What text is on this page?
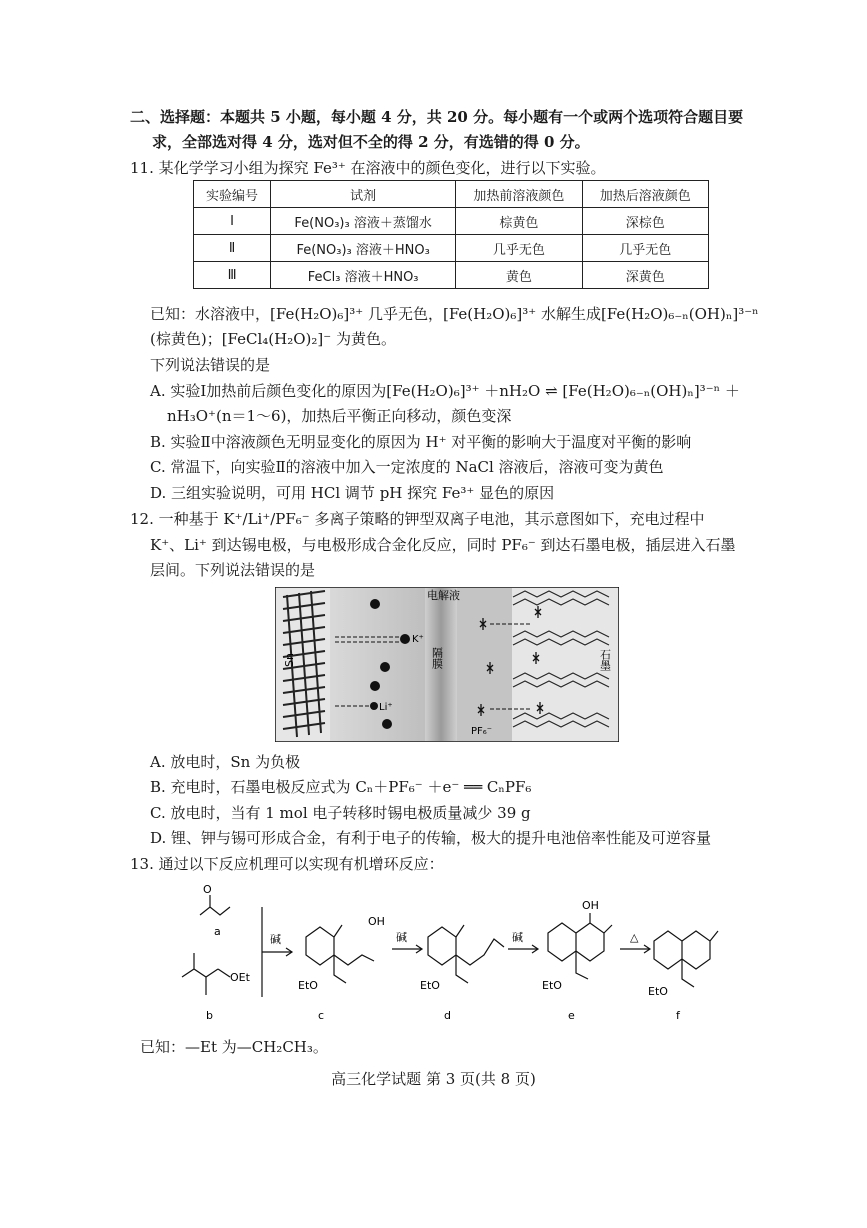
二、选择题：本题共 5 小题，每小题 4 分，共 20 分。每小题有一个或两个选项符合题目要
求，全部选对得 4 分，选对但不全的得 2 分，有选错的得 0 分。
11. 某化学学习小组为探究 Fe³⁺ 在溶液中的颜色变化，进行以下实验。
实验编号	试剂	加热前溶液颜色	加热后溶液颜色
Ⅰ	Fe(NO₃)₃ 溶液＋蒸馏水	棕黄色	深棕色
Ⅱ	Fe(NO₃)₃ 溶液＋HNO₃	几乎无色	几乎无色
Ⅲ	FeCl₃ 溶液＋HNO₃	黄色	深黄色
已知：水溶液中，[Fe(H₂O)₆]³⁺ 几乎无色，[Fe(H₂O)₆]³⁺ 水解生成[Fe(H₂O)₆₋ₙ(OH)ₙ]³⁻ⁿ
(棕黄色)；[FeCl₄(H₂O)₂]⁻ 为黄色。
下列说法错误的是
A. 实验Ⅰ加热前后颜色变化的原因为[Fe(H₂O)₆]³⁺ ＋nH₂O ⇌ [Fe(H₂O)₆₋ₙ(OH)ₙ]³⁻ⁿ ＋
nH₃O⁺(n＝1～6)，加热后平衡正向移动，颜色变深
B. 实验Ⅱ中溶液颜色无明显变化的原因为 H⁺ 对平衡的影响大于温度对平衡的影响
C. 常温下，向实验Ⅱ的溶液中加入一定浓度的 NaCl 溶液后，溶液可变为黄色
D. 三组实验说明，可用 HCl 调节 pH 探究 Fe³⁺ 显色的原因
12. 一种基于 K⁺/Li⁺/PF₆⁻ 多离子策略的钾型双离子电池，其示意图如下，充电过程中
K⁺、Li⁺ 到达锡电极，与电极形成合金化反应，同时 PF₆⁻ 到达石墨电极，插层进入石墨
层间。下列说法错误的是
Sn
K⁺
Li⁺
电解液
隔膜
PF₆⁻
石墨
A. 放电时，Sn 为负极
B. 充电时，石墨电极反应式为 Cₙ＋PF₆⁻ ＋e⁻ ══ CₙPF₆
C. 放电时，当有 1 mol 电子转移时锡电极质量减少 39 g
D. 锂、钾与锡可形成合金，有利于电子的传输，极大的提升电池倍率性能及可逆容量
13. 通过以下反应机理可以实现有机增环反应：
O
a
OEt
b
碱
OH
EtO
c
碱
EtO
d
碱
OH
EtO
e
△
EtO
f
已知：—Et 为—CH₂CH₃。
高三化学试题 第 3 页(共 8 页)
